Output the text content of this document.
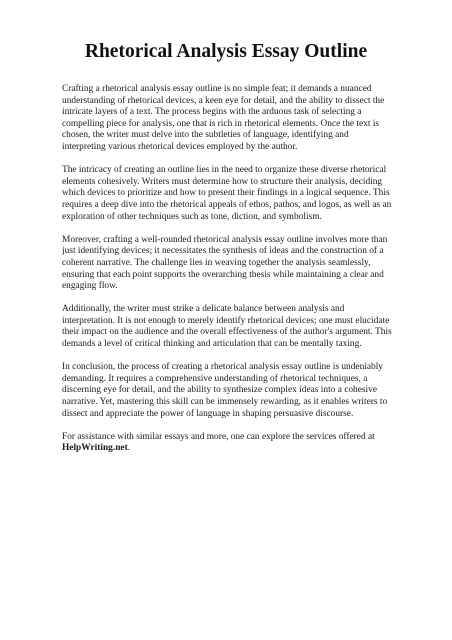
Rhetorical Analysis Essay Outline

Crafting a rhetorical analysis essay outline is no simple feat; it demands a nuanced understanding of rhetorical devices, a keen eye for detail, and the ability to dissect the intricate layers of a text. The process begins with the arduous task of selecting a compelling piece for analysis, one that is rich in rhetorical elements. Once the text is chosen, the writer must delve into the subtleties of language, identifying and interpreting various rhetorical devices employed by the author.

The intricacy of creating an outline lies in the need to organize these diverse rhetorical elements cohesively. Writers must determine how to structure their analysis, deciding which devices to prioritize and how to present their findings in a logical sequence. This requires a deep dive into the rhetorical appeals of ethos, pathos, and logos, as well as an exploration of other techniques such as tone, diction, and symbolism.

Moreover, crafting a well-rounded rhetorical analysis essay outline involves more than just identifying devices; it necessitates the synthesis of ideas and the construction of a coherent narrative. The challenge lies in weaving together the analysis seamlessly, ensuring that each point supports the overarching thesis while maintaining a clear and engaging flow.

Additionally, the writer must strike a delicate balance between analysis and interpretation. It is not enough to merely identify rhetorical devices; one must elucidate their impact on the audience and the overall effectiveness of the author's argument. This demands a level of critical thinking and articulation that can be mentally taxing.

In conclusion, the process of creating a rhetorical analysis essay outline is undeniably demanding. It requires a comprehensive understanding of rhetorical techniques, a discerning eye for detail, and the ability to synthesize complex ideas into a cohesive narrative. Yet, mastering this skill can be immensely rewarding, as it enables writers to dissect and appreciate the power of language in shaping persuasive discourse.

For assistance with similar essays and more, one can explore the services offered at
HelpWriting.net.
